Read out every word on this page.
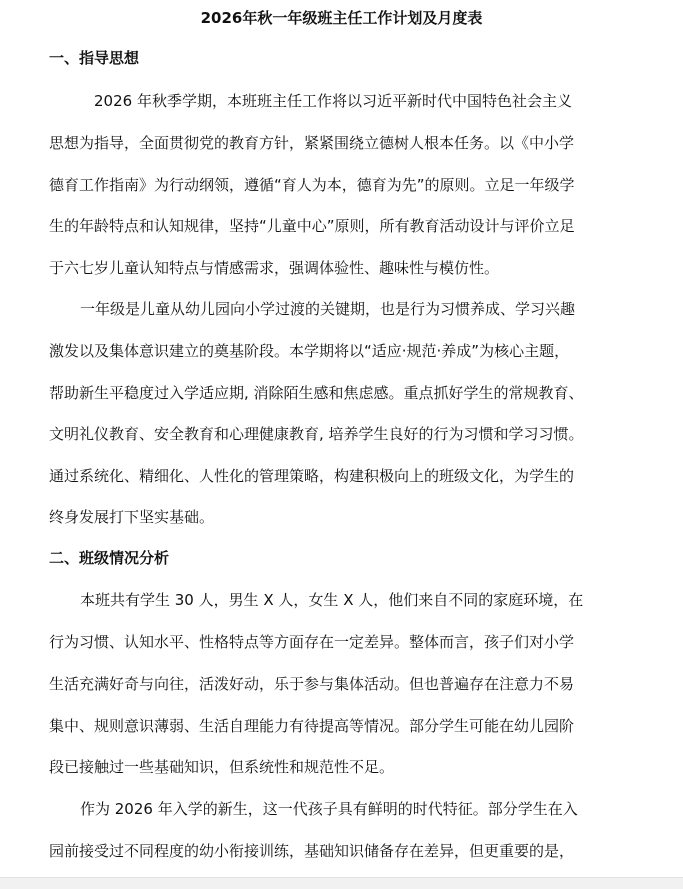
2026年秋一年级班主任工作计划及月度表
一、指导思想
2026 年秋季学期，本班班主任工作将以习近平新时代中国特色社会主义
思想为指导，全面贯彻党的教育方针，紧紧围绕立德树人根本任务。以《中小学
德育工作指南》为行动纲领，遵循“育人为本，德育为先”的原则。立足一年级学
生的年龄特点和认知规律，坚持“儿童中心”原则，所有教育活动设计与评价立足
于六七岁儿童认知特点与情感需求，强调体验性、趣味性与模仿性。
一年级是儿童从幼儿园向小学过渡的关键期，也是行为习惯养成、学习兴趣
激发以及集体意识建立的奠基阶段。本学期将以“适应·规范·养成”为核心主题，
帮助新生平稳度过入学适应期, 消除陌生感和焦虑感。重点抓好学生的常规教育、
文明礼仪教育、安全教育和心理健康教育, 培养学生良好的行为习惯和学习习惯。
通过系统化、精细化、人性化的管理策略，构建积极向上的班级文化，为学生的
终身发展打下坚实基础。
二、班级情况分析
本班共有学生 30 人，男生 X 人，女生 X 人，他们来自不同的家庭环境，在
行为习惯、认知水平、性格特点等方面存在一定差异。整体而言，孩子们对小学
生活充满好奇与向往，活泼好动，乐于参与集体活动。但也普遍存在注意力不易
集中、规则意识薄弱、生活自理能力有待提高等情况。部分学生可能在幼儿园阶
段已接触过一些基础知识，但系统性和规范性不足。
作为 2026 年入学的新生，这一代孩子具有鲜明的时代特征。部分学生在入
园前接受过不同程度的幼小衔接训练，基础知识储备存在差异，但更重要的是，
